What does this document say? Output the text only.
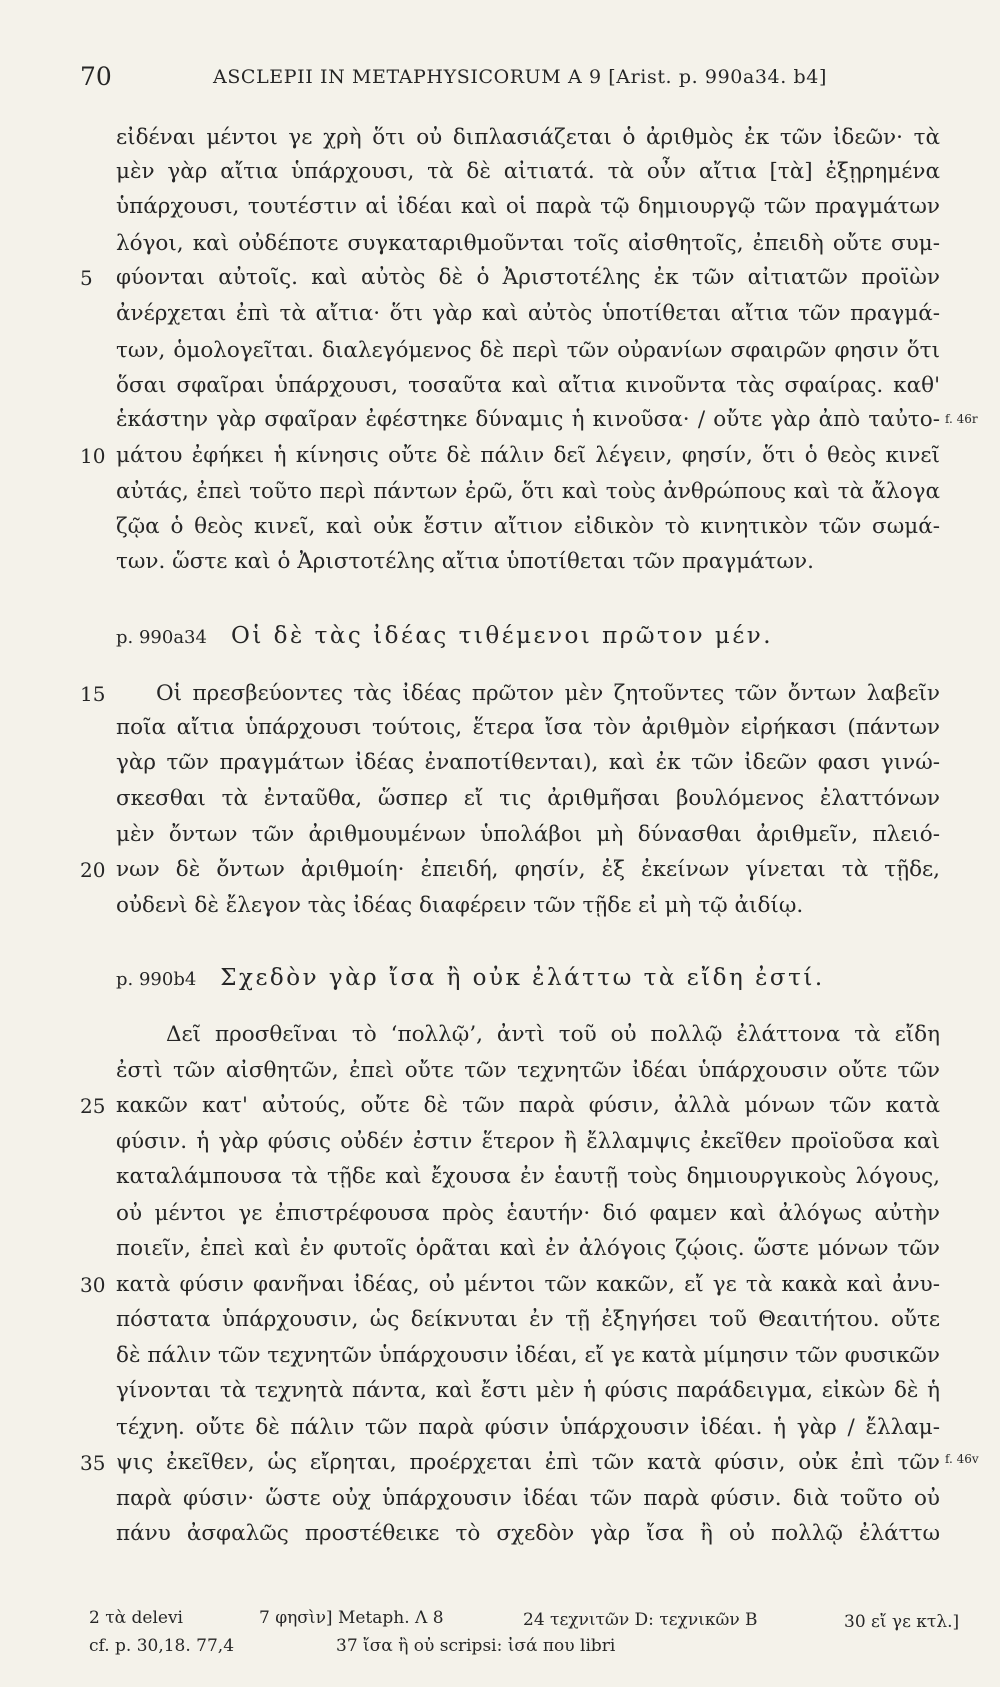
70	ASCLEPII IN METAPHYSICORUM A 9 [Arist. p. 990a34. b4]
εἰδέναι μέντοι γε χρὴ ὅτι οὐ διπλασιάζεται ὁ ἀριθμὸς ἐκ τῶν ἰδεῶν· τὰ
μὲν γὰρ αἴτια ὑπάρχουσι, τὰ δὲ αἰτιατά. τὰ οὖν αἴτια [τὰ] ἐξῃρημένα
ὑπάρχουσι, τουτέστιν αἱ ἰδέαι καὶ οἱ παρὰ τῷ δημιουργῷ τῶν πραγμάτων
λόγοι, καὶ οὐδέποτε συγκαταριθμοῦνται τοῖς αἰσθητοῖς, ἐπειδὴ οὔτε συμ-
φύονται αὐτοῖς. καὶ αὐτὸς δὲ ὁ Ἀριστοτέλης ἐκ τῶν αἰτιατῶν προϊὼν
ἀνέρχεται ἐπὶ τὰ αἴτια· ὅτι γὰρ καὶ αὐτὸς ὑποτίθεται αἴτια τῶν πραγμά-
των, ὁμολογεῖται. διαλεγόμενος δὲ περὶ τῶν οὐρανίων σφαιρῶν φησιν ὅτι
ὅσαι σφαῖραι ὑπάρχουσι, τοσαῦτα καὶ αἴτια κινοῦντα τὰς σφαίρας. καθ'
ἑκάστην γὰρ σφαῖραν ἐφέστηκε δύναμις ἡ κινοῦσα· / οὔτε γὰρ ἀπὸ ταὐτο-
μάτου ἐφήκει ἡ κίνησις οὔτε δὲ πάλιν δεῖ λέγειν, φησίν, ὅτι ὁ θεὸς κινεῖ
αὐτάς, ἐπεὶ τοῦτο περὶ πάντων ἐρῶ, ὅτι καὶ τοὺς ἀνθρώπους καὶ τὰ ἄλογα
ζῷα ὁ θεὸς κινεῖ, καὶ οὐκ ἔστιν αἴτιον εἰδικὸν τὸ κινητικὸν τῶν σωμά-
των. ὥστε καὶ ὁ Ἀριστοτέλης αἴτια ὑποτίθεται τῶν πραγμάτων.
p. 990a34 Οἱ δὲ τὰς ἰδέας τιθέμενοι πρῶτον μέν.
Οἱ πρεσβεύοντες τὰς ἰδέας πρῶτον μὲν ζητοῦντες τῶν ὄντων λαβεῖν
ποῖα αἴτια ὑπάρχουσι τούτοις, ἕτερα ἴσα τὸν ἀριθμὸν εἰρήκασι (πάντων
γὰρ τῶν πραγμάτων ἰδέας ἐναποτίθενται), καὶ ἐκ τῶν ἰδεῶν φασι γινώ-
σκεσθαι τὰ ἐνταῦθα, ὥσπερ εἴ τις ἀριθμῆσαι βουλόμενος ἐλαττόνων
μὲν ὄντων τῶν ἀριθμουμένων ὑπολάβοι μὴ δύνασθαι ἀριθμεῖν, πλειό-
νων δὲ ὄντων ἀριθμοίη· ἐπειδή, φησίν, ἐξ ἐκείνων γίνεται τὰ τῇδε,
οὐδενὶ δὲ ἔλεγον τὰς ἰδέας διαφέρειν τῶν τῇδε εἰ μὴ τῷ ἀιδίῳ.
p. 990b4 Σχεδὸν γὰρ ἴσα ἢ οὐκ ἐλάττω τὰ εἴδη ἐστί.
Δεῖ προσθεῖναι τὸ ‘πολλῷ’, ἀντὶ τοῦ οὐ πολλῷ ἐλάττονα τὰ εἴδη
ἐστὶ τῶν αἰσθητῶν, ἐπεὶ οὔτε τῶν τεχνητῶν ἰδέαι ὑπάρχουσιν οὔτε τῶν
κακῶν κατ' αὐτούς, οὔτε δὲ τῶν παρὰ φύσιν, ἀλλὰ μόνων τῶν κατὰ
φύσιν. ἡ γὰρ φύσις οὐδέν ἐστιν ἕτερον ἢ ἔλλαμψις ἐκεῖθεν προϊοῦσα καὶ
καταλάμπουσα τὰ τῇδε καὶ ἔχουσα ἐν ἑαυτῇ τοὺς δημιουργικοὺς λόγους,
οὐ μέντοι γε ἐπιστρέφουσα πρὸς ἑαυτήν· διό φαμεν καὶ ἀλόγως αὐτὴν
ποιεῖν, ἐπεὶ καὶ ἐν φυτοῖς ὁρᾶται καὶ ἐν ἀλόγοις ζῴοις. ὥστε μόνων τῶν
κατὰ φύσιν φανῆναι ἰδέας, οὐ μέντοι τῶν κακῶν, εἴ γε τὰ κακὰ καὶ ἀνυ-
πόστατα ὑπάρχουσιν, ὡς δείκνυται ἐν τῇ ἐξηγήσει τοῦ Θεαιτήτου. οὔτε
δὲ πάλιν τῶν τεχνητῶν ὑπάρχουσιν ἰδέαι, εἴ γε κατὰ μίμησιν τῶν φυσικῶν
γίνονται τὰ τεχνητὰ πάντα, καὶ ἔστι μὲν ἡ φύσις παράδειγμα, εἰκὼν δὲ ἡ
τέχνη. οὔτε δὲ πάλιν τῶν παρὰ φύσιν ὑπάρχουσιν ἰδέαι. ἡ γὰρ / ἔλλαμ-
ψις ἐκεῖθεν, ὡς εἴρηται, προέρχεται ἐπὶ τῶν κατὰ φύσιν, οὐκ ἐπὶ τῶν
παρὰ φύσιν· ὥστε οὐχ ὑπάρχουσιν ἰδέαι τῶν παρὰ φύσιν. διὰ τοῦτο οὐ
πάνυ ἀσφαλῶς προστέθεικε τὸ σχεδὸν γὰρ ἴσα ἢ οὐ πολλῷ ἐλάττω
5
10
15
20
25
30
35
f. 46r
f. 46v
2 τὰ delevi	7 φησὶν] Metaph. Λ 8	24 τεχνιτῶν D: τεχνικῶν B	30 εἴ γε κτλ.]
cf. p. 30,18. 77,4	37 ἴσα ἢ οὐ scripsi: ἰσά που libri
